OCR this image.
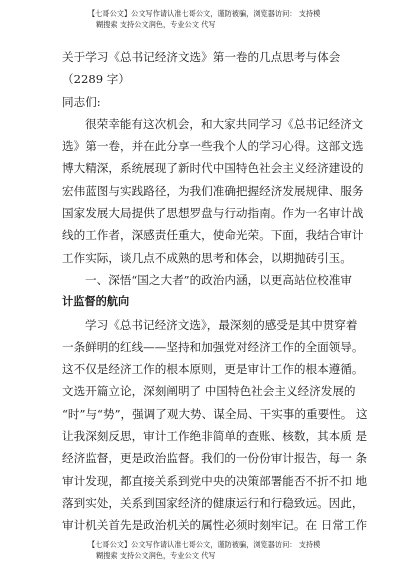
【七哥公文】公文写作请认准七哥公文，谨防被骗，浏览器访问： 支持模
糊搜索 支持公文润色，专业公文 代写
关于学习《总书记经济文选》第一卷的几点思考与体会
（2289 字）
同志们:
很荣幸能有这次机会，和大家共同学习《总书记经济文
选》第一卷，并在此分享一些我个人的学习心得。这部文选
博大精深，系统展现了新时代中国特色社会主义经济建设的
宏伟蓝图与实践路径，为我们准确把握经济发展规律、服务
国家发展大局提供了思想罗盘与行动指南。作为一名审计战
线的工作者，深感责任重大，使命光荣。下面，我结合审计
工作实际，谈几点不成熟的思考和体会，以期抛砖引玉。
一、深悟“国之大者”的政治内涵，以更高站位校准审
计监督的航向
学习《总书记经济文选》，最深刻的感受是其中贯穿着
一条鲜明的红线——坚持和加强党对经济工作的全面领导。
这不仅是经济工作的根本原则，更是审计工作的根本遵循。
文选开篇立论，深刻阐明了 中国特色社会主义经济发展的
“时”与“势”，强调了观大势、谋全局、干实事的重要性。 这
让我深刻反思，审计工作绝非简单的查账、核数，其本质 是
经济监督，更是政治监督。我们的一份份审计报告，每一 条
审计发现，都直接关系到党中央的决策部署能否不折不扣 地
落到实处，关系到国家经济的健康运行和行稳致远。因此，
审计机关首先是政治机关的属性必须时刻牢记。在 日常工作
【七哥公文】公文写作请认准七哥公文，谨防被骗，浏览器访问： 支持模
糊搜索 支持公文润色，专业公文 代写
